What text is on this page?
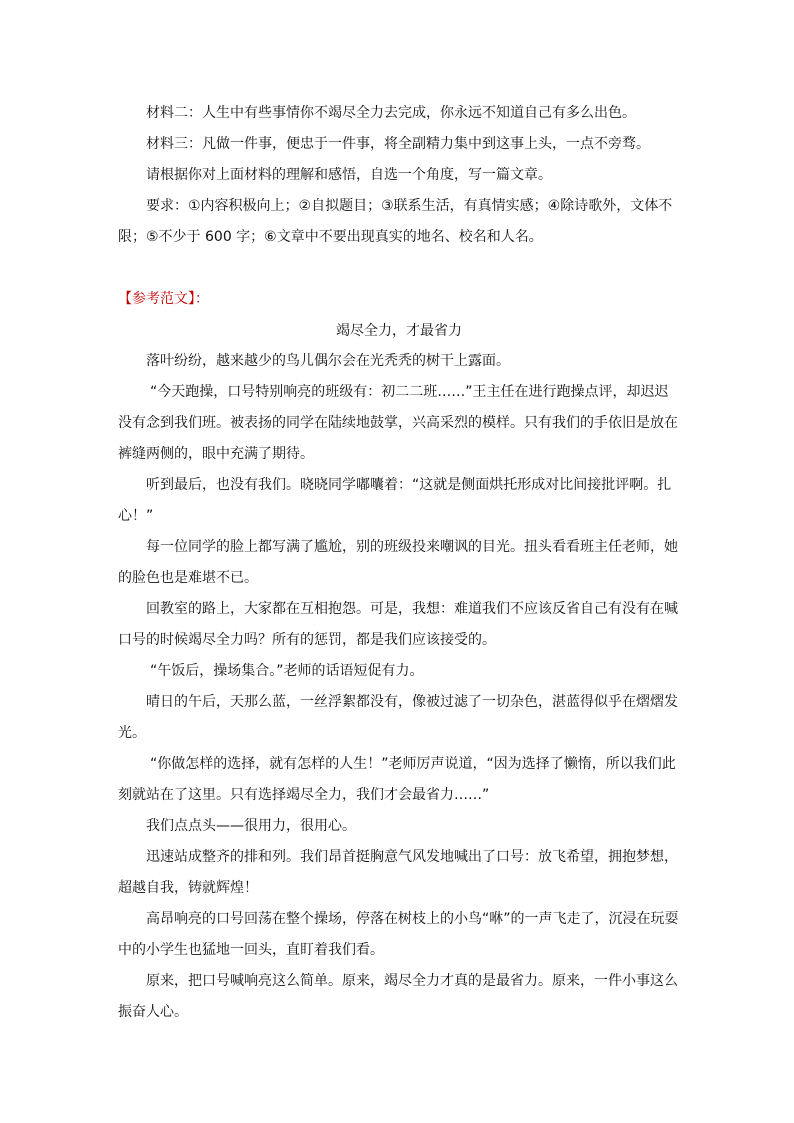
材料二：人生中有些事情你不竭尽全力去完成，你永远不知道自己有多么出色。

材料三：凡做一件事，便忠于一件事，将全副精力集中到这事上头，一点不旁骛。

请根据你对上面材料的理解和感悟，自选一个角度，写一篇文章。

要求：①内容积极向上；②自拟题目；③联系生活，有真情实感；④除诗歌外，文体不限；⑤不少于 600 字；⑥文章中不要出现真实的地名、校名和人名。

【参考范文】：

竭尽全力，才最省力

落叶纷纷，越来越少的鸟儿偶尔会在光秃秃的树干上露面。

“今天跑操，口号特别响亮的班级有：初二二班……”王主任在进行跑操点评，却迟迟没有念到我们班。被表扬的同学在陆续地鼓掌，兴高采烈的模样。只有我们的手依旧是放在裤缝两侧的，眼中充满了期待。

听到最后，也没有我们。晓晓同学嘟囔着：“这就是侧面烘托形成对比间接批评啊。扎心！”

每一位同学的脸上都写满了尴尬，别的班级投来嘲讽的目光。扭头看看班主任老师，她的脸色也是难堪不已。

回教室的路上，大家都在互相抱怨。可是，我想：难道我们不应该反省自己有没有在喊口号的时候竭尽全力吗？所有的惩罚，都是我们应该接受的。

“午饭后，操场集合。”老师的话语短促有力。

晴日的午后，天那么蓝，一丝浮絮都没有，像被过滤了一切杂色，湛蓝得似乎在熠熠发光。

“你做怎样的选择，就有怎样的人生！”老师厉声说道，“因为选择了懒惰，所以我们此刻就站在了这里。只有选择竭尽全力，我们才会最省力……”

我们点点头——很用力，很用心。

迅速站成整齐的排和列。我们昂首挺胸意气风发地喊出了口号：放飞希望，拥抱梦想，超越自我，铸就辉煌！

高昂响亮的口号回荡在整个操场，停落在树枝上的小鸟“咻”的一声飞走了，沉浸在玩耍中的小学生也猛地一回头，直盯着我们看。

原来，把口号喊响亮这么简单。原来，竭尽全力才真的是最省力。原来，一件小事这么振奋人心。
